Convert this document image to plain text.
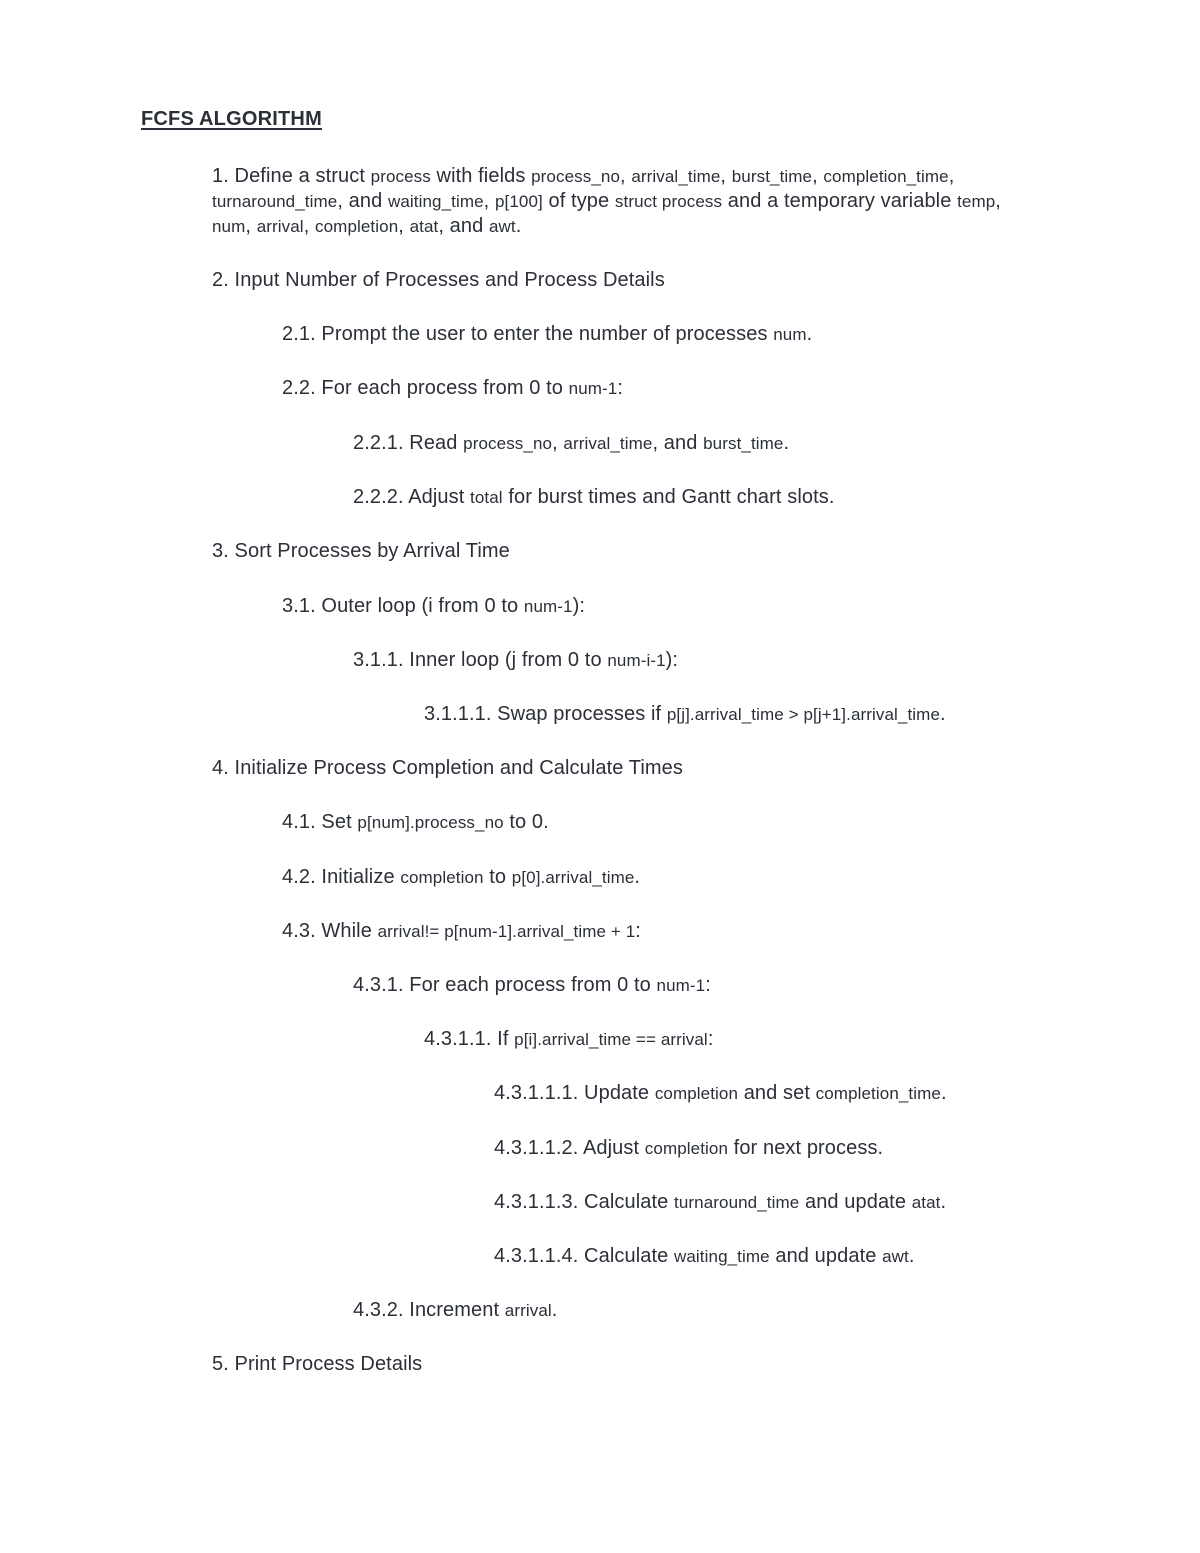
FCFS ALGORITHM
1. Define a struct process with fields process_no, arrival_time, burst_time, completion_time, turnaround_time, and waiting_time, p[100] of type struct process and a temporary variable temp, num, arrival, completion, atat, and awt.
2. Input Number of Processes and Process Details
2.1. Prompt the user to enter the number of processes num.
2.2. For each process from 0 to num-1:
2.2.1. Read process_no, arrival_time, and burst_time.
2.2.2. Adjust total for burst times and Gantt chart slots.
3. Sort Processes by Arrival Time
3.1. Outer loop (i from 0 to num-1):
3.1.1. Inner loop (j from 0 to num-i-1):
3.1.1.1. Swap processes if p[j].arrival_time > p[j+1].arrival_time.
4. Initialize Process Completion and Calculate Times
4.1. Set p[num].process_no to 0.
4.2. Initialize completion to p[0].arrival_time.
4.3. While arrival!= p[num-1].arrival_time + 1:
4.3.1. For each process from 0 to num-1:
4.3.1.1. If p[i].arrival_time == arrival:
4.3.1.1.1. Update completion and set completion_time.
4.3.1.1.2. Adjust completion for next process.
4.3.1.1.3. Calculate turnaround_time and update atat.
4.3.1.1.4. Calculate waiting_time and update awt.
4.3.2. Increment arrival.
5. Print Process Details
